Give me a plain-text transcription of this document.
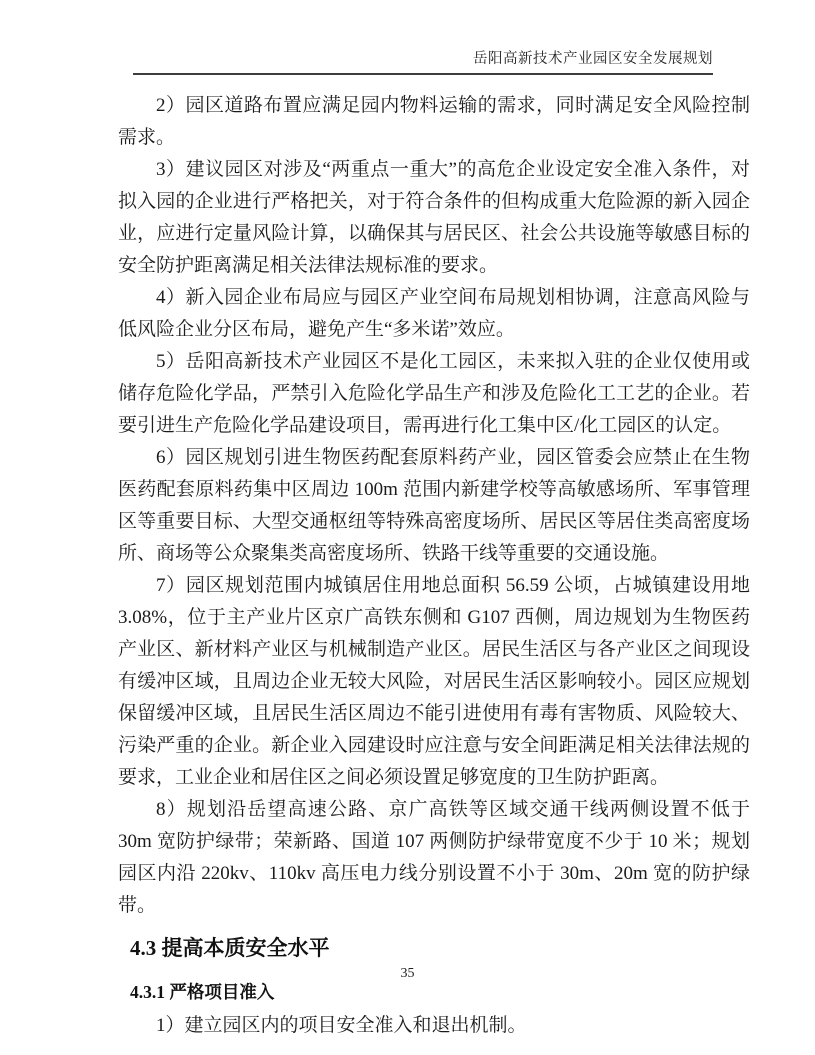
岳阳高新技术产业园区安全发展规划

2）园区道路布置应满足园内物料运输的需求，同时满足安全风险控制需求。

3）建议园区对涉及“两重点一重大”的高危企业设定安全准入条件，对拟入园的企业进行严格把关，对于符合条件的但构成重大危险源的新入园企业，应进行定量风险计算，以确保其与居民区、社会公共设施等敏感目标的安全防护距离满足相关法律法规标准的要求。

4）新入园企业布局应与园区产业空间布局规划相协调，注意高风险与低风险企业分区布局，避免产生“多米诺”效应。

5）岳阳高新技术产业园区不是化工园区，未来拟入驻的企业仅使用或储存危险化学品，严禁引入危险化学品生产和涉及危险化工工艺的企业。若要引进生产危险化学品建设项目，需再进行化工集中区/化工园区的认定。

6）园区规划引进生物医药配套原料药产业，园区管委会应禁止在生物医药配套原料药集中区周边 100m 范围内新建学校等高敏感场所、军事管理区等重要目标、大型交通枢纽等特殊高密度场所、居民区等居住类高密度场所、商场等公众聚集类高密度场所、铁路干线等重要的交通设施。

7）园区规划范围内城镇居住用地总面积 56.59 公顷，占城镇建设用地 3.08%，位于主产业片区京广高铁东侧和 G107 西侧，周边规划为生物医药产业区、新材料产业区与机械制造产业区。居民生活区与各产业区之间现设有缓冲区域，且周边企业无较大风险，对居民生活区影响较小。园区应规划保留缓冲区域，且居民生活区周边不能引进使用有毒有害物质、风险较大、污染严重的企业。新企业入园建设时应注意与安全间距满足相关法律法规的要求，工业企业和居住区之间必须设置足够宽度的卫生防护距离。

8）规划沿岳望高速公路、京广高铁等区域交通干线两侧设置不低于 30m 宽防护绿带；荣新路、国道 107 两侧防护绿带宽度不少于 10 米；规划园区内沿 220kv、110kv 高压电力线分别设置不小于 30m、20m 宽的防护绿带。

4.3 提高本质安全水平
4.3.1 严格项目准入

1）建立园区内的项目安全准入和退出机制。

35
